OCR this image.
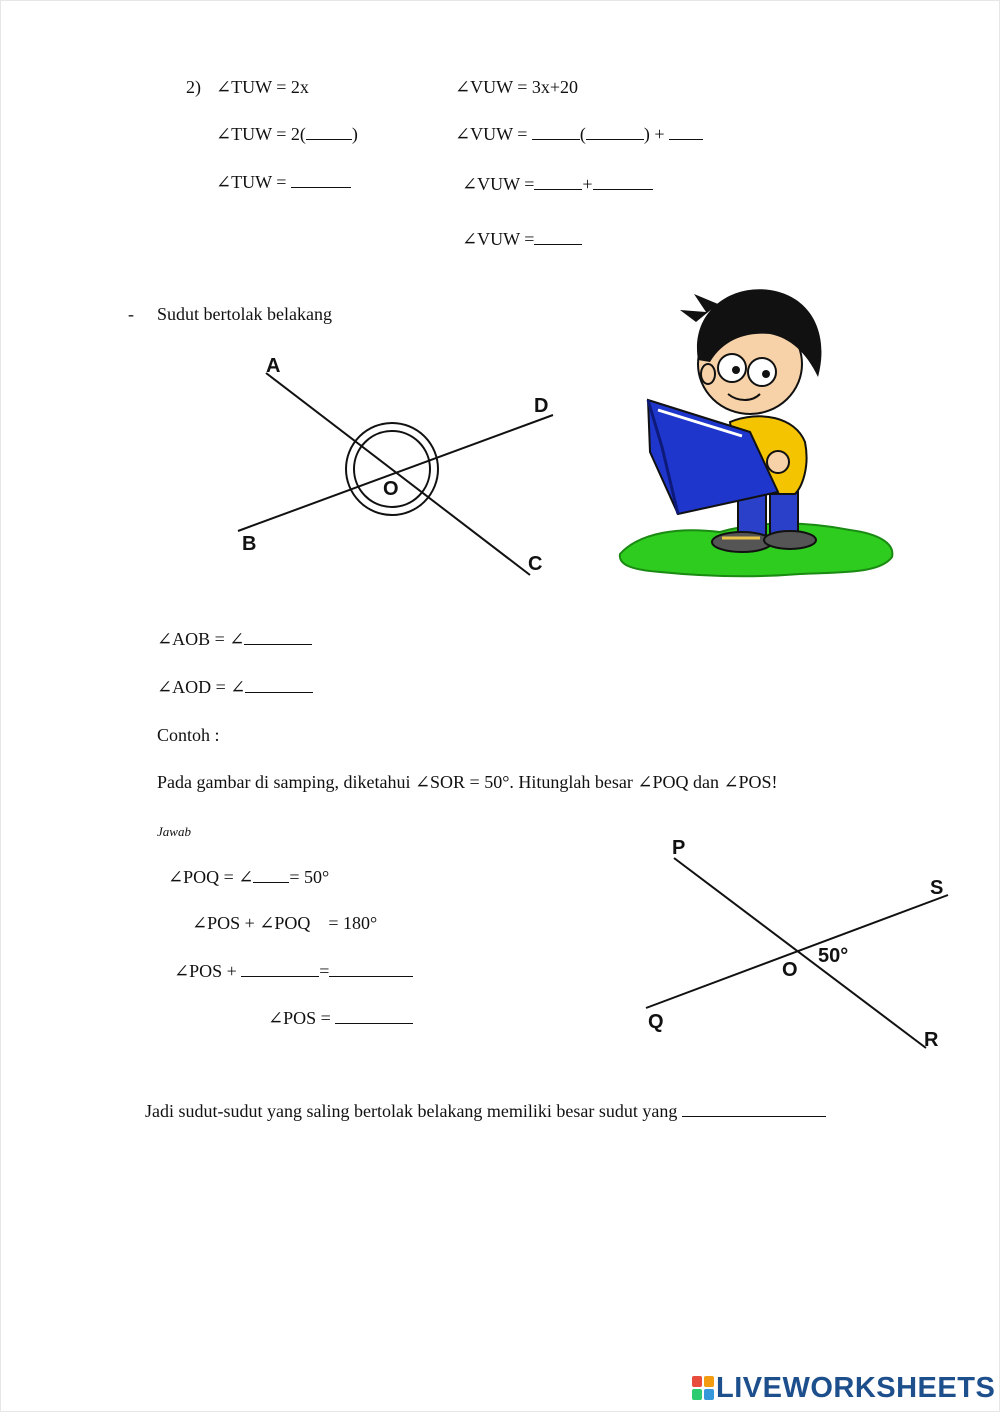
2) ∠TUW = 2x
∠TUW = 2(	)
∠TUW =
∠VUW = 3x+20
∠VUW =	(	) +
∠VUW =	+
∠VUW =
- Sudut bertolak belakang
A
D
O
B
C
∠AOB = ∠
∠AOD = ∠
Contoh :
Pada gambar di samping, diketahui ∠SOR = 50°. Hitunglah besar ∠POQ dan ∠POS!
Jawab
∠POQ = ∠ = 50°
∠POS + ∠POQ    = 180°
∠POS +	=
∠POS =
P
S
O
50°
Q
R
Jadi sudut-sudut yang saling bertolak belakang memiliki besar sudut yang
LIVEWORKSHEETS
